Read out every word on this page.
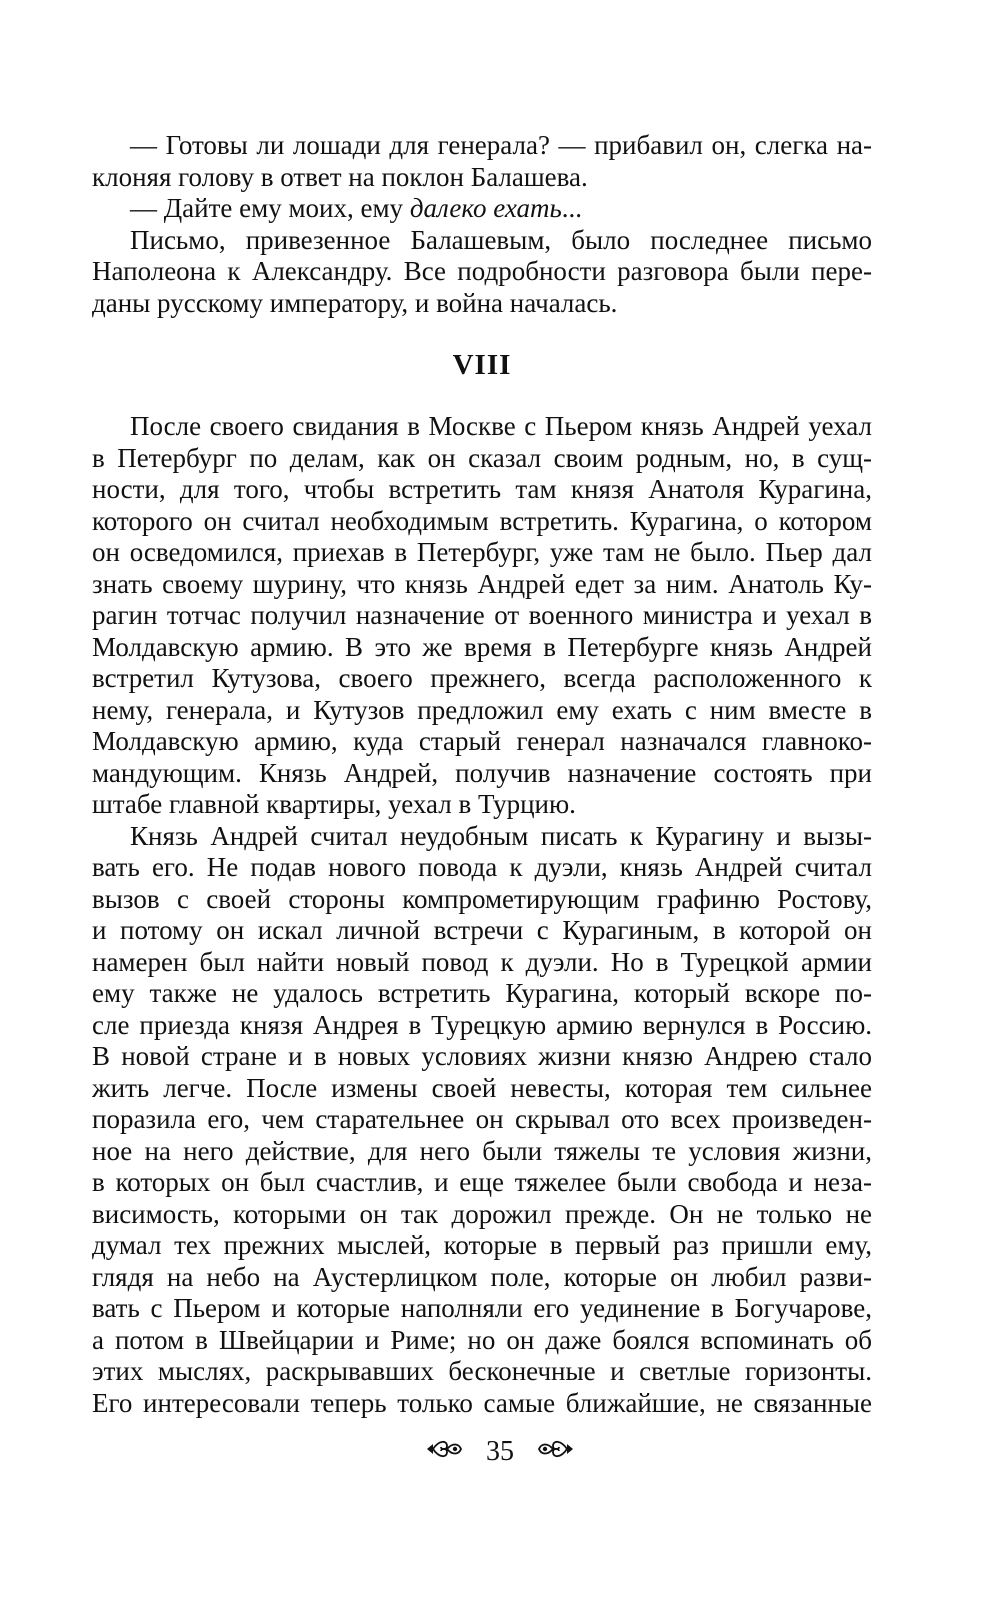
— Готовы ли лошади для генерала? — прибавил он, слегка на-
клоняя голову в ответ на поклон Балашева.
— Дайте ему моих, ему далеко ехать...
Письмо, привезенное Балашевым, было последнее письмо
Наполеона к Александру. Все подробности разговора были пере-
даны русскому императору, и война началась.
VIII
После своего свидания в Москве с Пьером князь Андрей уехал
в Петербург по делам, как он сказал своим родным, но, в сущ-
ности, для того, чтобы встретить там князя Анатоля Курагина,
которого он считал необходимым встретить. Курагина, о котором
он осведомился, приехав в Петербург, уже там не было. Пьер дал
знать своему шурину, что князь Андрей едет за ним. Анатоль Ку-
рагин тотчас получил назначение от военного министра и уехал в
Молдавскую армию. В это же время в Петербурге князь Андрей
встретил Кутузова, своего прежнего, всегда расположенного к
нему, генерала, и Кутузов предложил ему ехать с ним вместе в
Молдавскую армию, куда старый генерал назначался главноко-
мандующим. Князь Андрей, получив назначение состоять при
штабе главной квартиры, уехал в Турцию.
Князь Андрей считал неудобным писать к Курагину и вызы-
вать его. Не подав нового повода к дуэли, князь Андрей считал
вызов с своей стороны компрометирующим графиню Ростову,
и потому он искал личной встречи с Курагиным, в которой он
намерен был найти новый повод к дуэли. Но в Турецкой армии
ему также не удалось встретить Курагина, который вскоре по-
сле приезда князя Андрея в Турецкую армию вернулся в Россию.
В новой стране и в новых условиях жизни князю Андрею стало
жить легче. После измены своей невесты, которая тем сильнее
поразила его, чем старательнее он скрывал ото всех произведен-
ное на него действие, для него были тяжелы те условия жизни,
в которых он был счастлив, и еще тяжелее были свобода и неза-
висимость, которыми он так дорожил прежде. Он не только не
думал тех прежних мыслей, которые в первый раз пришли ему,
глядя на небо на Аустерлицком поле, которые он любил разви-
вать с Пьером и которые наполняли его уединение в Богучарове,
а потом в Швейцарии и Риме; но он даже боялся вспоминать об
этих мыслях, раскрывавших бесконечные и светлые горизонты.
Его интересовали теперь только самые ближайшие, не связанные
35
